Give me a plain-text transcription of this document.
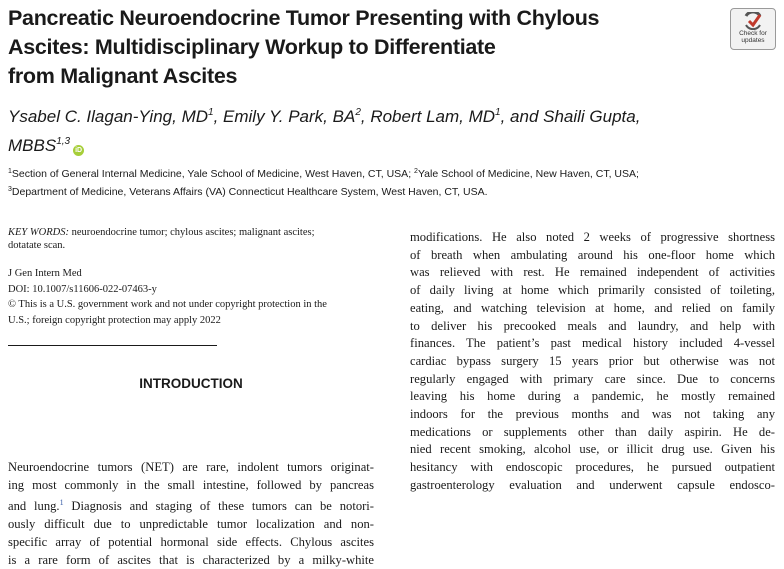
Pancreatic Neuroendocrine Tumor Presenting with Chylous
Ascites: Multidisciplinary Workup to Differentiate
from Malignant Ascites
Check for
updates
Ysabel C. Ilagan-Ying, $MD^1$, Emily Y. Park, $BA^2$, Robert Lam, $MD^1$, and Shaili Gupta,
MBBS$^{1,3}$iD
$^1$Section of General Internal Medicine, Yale School of Medicine, West Haven, CT, USA; $^2$Yale School of Medicine, New Haven, CT, USA;
$^3$Department of Medicine, Veterans Affairs (VA) Connecticut Healthcare System, West Haven, CT, USA.
KEY WORDS: neuroendocrine tumor; chylous ascites; malignant ascites;
dotatate scan.
J Gen Intern Med
DOI: 10.1007/s11606-022-07463-y
© This is a U.S. government work and not under copyright protection in the
U.S.; foreign copyright protection may apply 2022
INTRODUCTION
Neuroendocrine tumors (NET) are rare, indolent tumors originat-
ing most commonly in the small intestine, followed by pancreas
and lung.$^1$ Diagnosis and staging of these tumors can be notori-
ously difficult due to unpredictable tumor localization and non-
specific array of potential hormonal side effects. Chylous ascites
is a rare form of ascites that is characterized by a milky-white
modifications. He also noted 2 weeks of progressive shortness
of breath when ambulating around his one-floor home which
was relieved with rest. He remained independent of activities
of daily living at home which primarily consisted of toileting,
eating, and watching television at home, and relied on family
to deliver his precooked meals and laundry, and help with
finances. The patient’s past medical history included 4-vessel
cardiac bypass surgery 15 years prior but otherwise was not
regularly engaged with primary care since. Due to concerns
leaving his home during a pandemic, he mostly remained
indoors for the previous months and was not taking any
medications or supplements other than daily aspirin. He de-
nied recent smoking, alcohol use, or illicit drug use. Given his
hesitancy with endoscopic procedures, he pursued outpatient
gastroenterology evaluation and underwent capsule endosco-
